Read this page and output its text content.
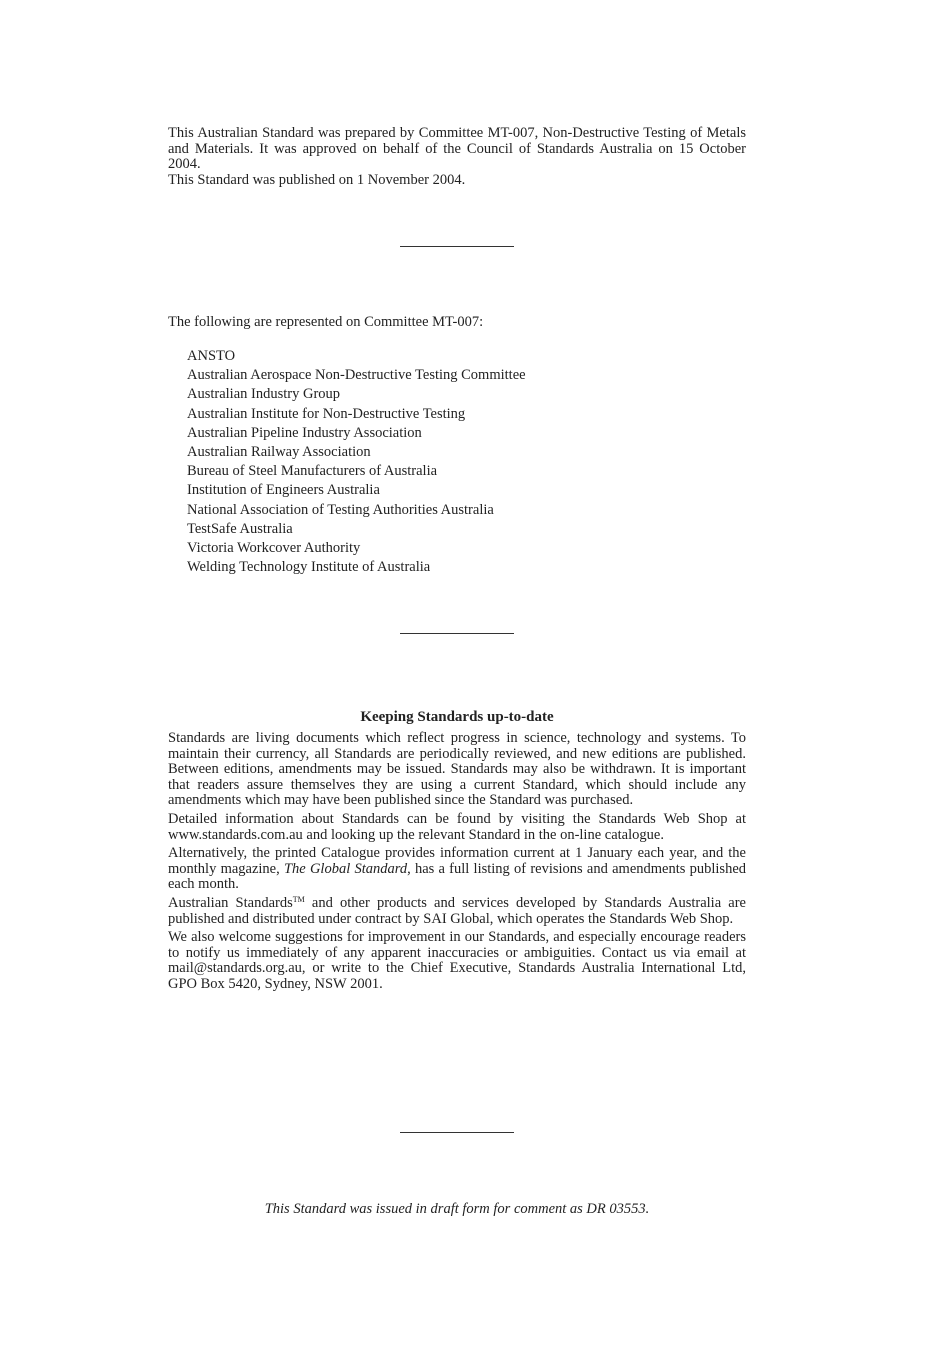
This Australian Standard was prepared by Committee MT-007, Non-Destructive Testing of Metals and Materials. It was approved on behalf of the Council of Standards Australia on 15 October 2004.
This Standard was published on 1 November 2004.
The following are represented on Committee MT-007:
ANSTO
Australian Aerospace Non-Destructive Testing Committee
Australian Industry Group
Australian Institute for Non-Destructive Testing
Australian Pipeline Industry Association
Australian Railway Association
Bureau of Steel Manufacturers of Australia
Institution of Engineers Australia
National Association of Testing Authorities Australia
TestSafe Australia
Victoria Workcover Authority
Welding Technology Institute of Australia
Keeping Standards up-to-date

Standards are living documents which reflect progress in science, technology and systems. To maintain their currency, all Standards are periodically reviewed, and new editions are published. Between editions, amendments may be issued. Standards may also be withdrawn. It is important that readers assure themselves they are using a current Standard, which should include any amendments which may have been published since the Standard was purchased.

Detailed information about Standards can be found by visiting the Standards Web Shop at www.standards.com.au and looking up the relevant Standard in the on-line catalogue.

Alternatively, the printed Catalogue provides information current at 1 January each year, and the monthly magazine, The Global Standard, has a full listing of revisions and amendments published each month.

Australian Standards™ and other products and services developed by Standards Australia are published and distributed under contract by SAI Global, which operates the Standards Web Shop.

We also welcome suggestions for improvement in our Standards, and especially encourage readers to notify us immediately of any apparent inaccuracies or ambiguities. Contact us via email at mail@standards.org.au, or write to the Chief Executive, Standards Australia International Ltd, GPO Box 5420, Sydney, NSW 2001.

This Standard was issued in draft form for comment as DR 03553.
